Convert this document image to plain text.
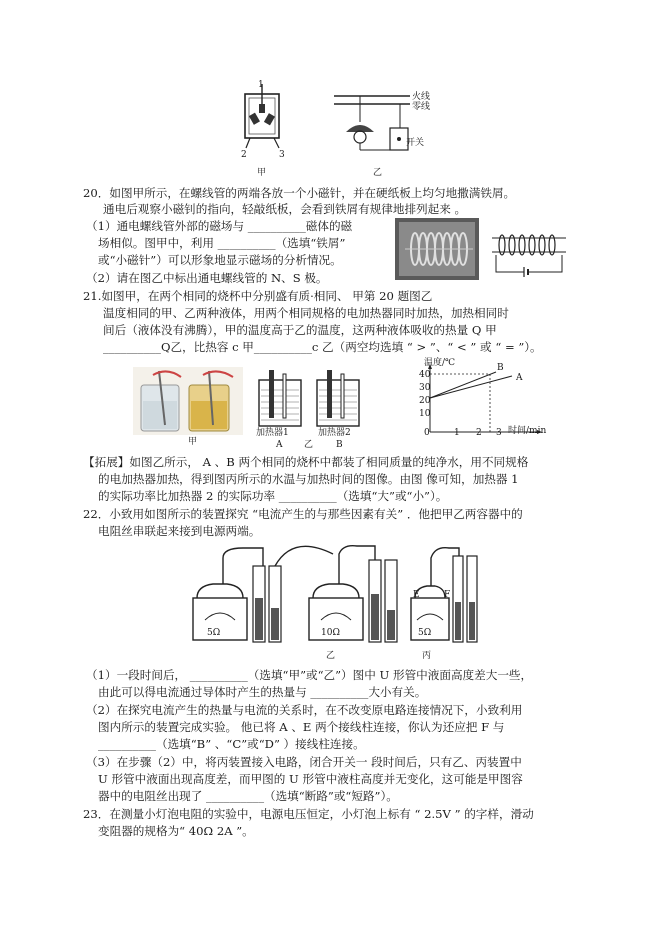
1
2	3
甲
火线
零线
开关
乙
20．如图甲所示，在螺线管的两端各放一个小磁针，并在硬纸板上均匀地撒满铁屑。
通电后观察小磁钊的指向，轻敲纸板，会看到铁屑有规律地排列起来 。
（1）通电螺线管外部的磁场与 __________磁体的磁
场相似。图甲中，利用 __________（选填“铁屑”
或“小磁针”）可以形象地显示磁场的分析情况。
（2）请在图乙中标出通电螺线管的 N、S 极。
21.如图甲，在两个相同的烧杯中分别盛有质·相同、 甲第 20 题图乙
温度相同的甲、乙两种液体，用两个相同规格的电加热器同时加热，加热相同时
间后（液体没有沸腾），甲的温度高于乙的温度，这两种液体吸收的热量 Q 甲
__________Q乙，比热容 c 甲__________c 乙（两空均选填 “ > ”、“ < ” 或 “ = ”）。
甲
加热器1	加热器2
A 乙	B
温度/℃
40
30
20
10
0	1 2 3 时间/min
B
A
【拓展】如图乙所示， A 、B 两个相同的烧杯中都装了相同质量的纯净水，用不同规格
的电加热器加热，得到图丙所示的水温与加热时间的图像。由图 像可知，加热器 1
的实际功率比加热器 2 的实际功率 __________（选填“大”或“小”）。
22．小致用如图所示的装置探究 “电流产生的与那些因素有关” ．他把甲乙两容器中的
电阻丝串联起来接到电源两端。
5Ω	10Ω
E	F
5Ω
乙	丙
（1）一段时间后， __________（选填“甲”或“乙”）图中 U 形管中液面高度差大一些，
由此可以得电流通过导体时产生的热量与 __________大小有关。
（2）在探究电流产生的热量与电流的关系时，在不改变原电路连接情况下，小致利用
图内所示的装置完成实验。 他已将 A 、E 两个接线柱连接，你认为还应把 F 与
__________（选填“B” 、“C”或“D” ）接线柱连接。
（3）在步骤（2）中，将丙装置接入电路，闭合开关一 段时间后，只有乙、丙装置中
U 形管中液面出现高度差，而甲图的 U 形管中液柱高度并无变化，这可能是甲图容
器中的电阻丝出现了 __________（选填“断路”或“短路”）。
23．在测量小灯泡电阻的实验中，电源电压恒定，小灯泡上标有 “ 2.5V ” 的字样，滑动
变阻器的规格为“ 40Ω 2A ”。
